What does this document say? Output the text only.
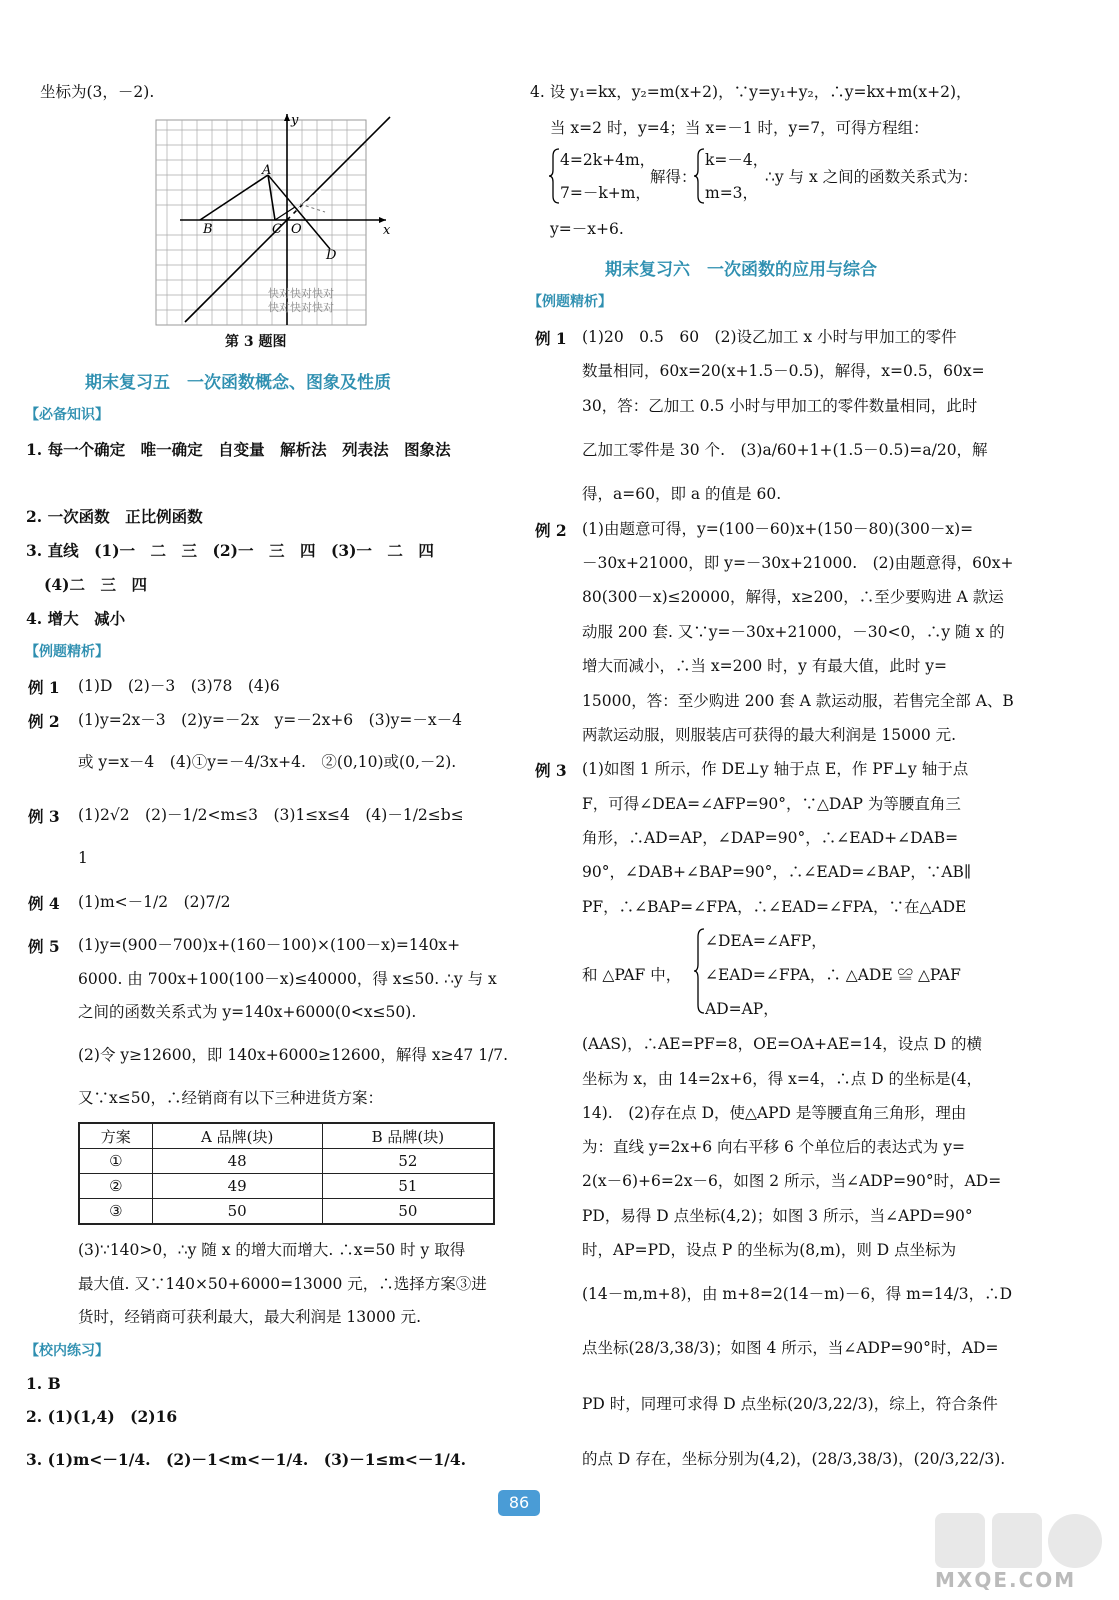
坐标为(3，－2).
A
B	C O
D
x
y
快对快对快对
快对快对快对
第 3 题图
期末复习五　一次函数概念、图象及性质
【必备知识】
1. 每一个确定　唯一确定　自变量　解析法　列表法　图象法
2. 一次函数　正比例函数
3. 直线　(1)一　二　三　(2)一　三　四　(3)一　二　四
(4)二　三　四
4. 增大　减小
【例题精析】
例 1 (1)D　(2)－3　(3)78　(4)6
例 2 (1)y=2x－3　(2)y=－2x　y=－2x+6　(3)y=－x－4
或 y=x－4　(4)①y=－4/3x+4.　②(0,10)或(0,－2).
例 3 (1)2√2　(2)－1/2<m≤3　(3)1≤x≤4　(4)－1/2≤b≤
1
例 4 (1)m<－1/2　(2)7/2
例 5 (1)y=(900－700)x+(160－100)×(100－x)=140x+
6000. 由 700x+100(100－x)≤40000，得 x≤50. ∴y 与 x
之间的函数关系式为 y=140x+6000(0<x≤50).
(2)令 y≥12600，即 140x+6000≥12600，解得 x≥47 1/7.
又∵x≤50，∴经销商有以下三种进货方案：
方案	A 品牌(块)	B 品牌(块)
①	48	52
②	49	51
③	50	50
(3)∵140>0，∴y 随 x 的增大而增大. ∴x=50 时 y 取得
最大值. 又∵140×50+6000=13000 元，∴选择方案③进
货时，经销商可获利最大，最大利润是 13000 元.
【校内练习】
1. B
2. (1)(1,4)　(2)16
3. (1)m<－1/4.　(2)－1<m<－1/4.　(3)－1≤m<－1/4.
4. 设 y₁=kx，y₂=m(x+2)，∵y=y₁+y₂，∴y=kx+m(x+2)，
当 x=2 时，y=4；当 x=－1 时，y=7，可得方程组：
4=2k+4m，
7=－k+m，
解得：
k=－4，
m=3，
∴y 与 x 之间的函数关系式为：
y=－x+6.
期末复习六　一次函数的应用与综合
【例题精析】
例 1 (1)20　0.5　60　(2)设乙加工 x 小时与甲加工的零件
数量相同，60x=20(x+1.5－0.5)，解得，x=0.5，60x=
30，答：乙加工 0.5 小时与甲加工的零件数量相同，此时
乙加工零件是 30 个.　(3)a/60+1+(1.5－0.5)=a/20，解
得，a=60，即 a 的值是 60.
例 2 (1)由题意可得，y=(100－60)x+(150－80)(300－x)=
－30x+21000，即 y=－30x+21000.　(2)由题意得，60x+
80(300－x)≤20000，解得，x≥200，∴至少要购进 A 款运
动服 200 套. 又∵y=－30x+21000，－30<0，∴y 随 x 的
增大而减小，∴当 x=200 时，y 有最大值，此时 y=
15000，答：至少购进 200 套 A 款运动服，若售完全部 A、B
两款运动服，则服装店可获得的最大利润是 15000 元.
例 3 (1)如图 1 所示，作 DE⊥y 轴于点 E，作 PF⊥y 轴于点
F，可得∠DEA=∠AFP=90°，∵△DAP 为等腰直角三
角形，∴AD=AP，∠DAP=90°，∴∠EAD+∠DAB=
90°，∠DAB+∠BAP=90°，∴∠EAD=∠BAP，∵AB∥
PF，∴∠BAP=∠FPA，∴∠EAD=∠FPA，∵在△ADE
和 △PAF 中，
∠DEA=∠AFP，
∠EAD=∠FPA，∴ △ADE ≌ △PAF
AD=AP，
(AAS)，∴AE=PF=8，OE=OA+AE=14，设点 D 的横
坐标为 x，由 14=2x+6，得 x=4，∴点 D 的坐标是(4，
14).　(2)存在点 D，使△APD 是等腰直角三角形，理由
为：直线 y=2x+6 向右平移 6 个单位后的表达式为 y=
2(x－6)+6=2x－6，如图 2 所示，当∠ADP=90°时，AD=
PD，易得 D 点坐标(4,2)；如图 3 所示，当∠APD=90°
时，AP=PD，设点 P 的坐标为(8,m)，则 D 点坐标为
(14－m,m+8)，由 m+8=2(14－m)－6，得 m=14/3，∴D
点坐标(28/3,38/3)；如图 4 所示，当∠ADP=90°时，AD=
PD 时，同理可求得 D 点坐标(20/3,22/3)，综上，符合条件
的点 D 存在，坐标分别为(4,2)，(28/3,38/3)，(20/3,22/3).
86
MXQE.COM
